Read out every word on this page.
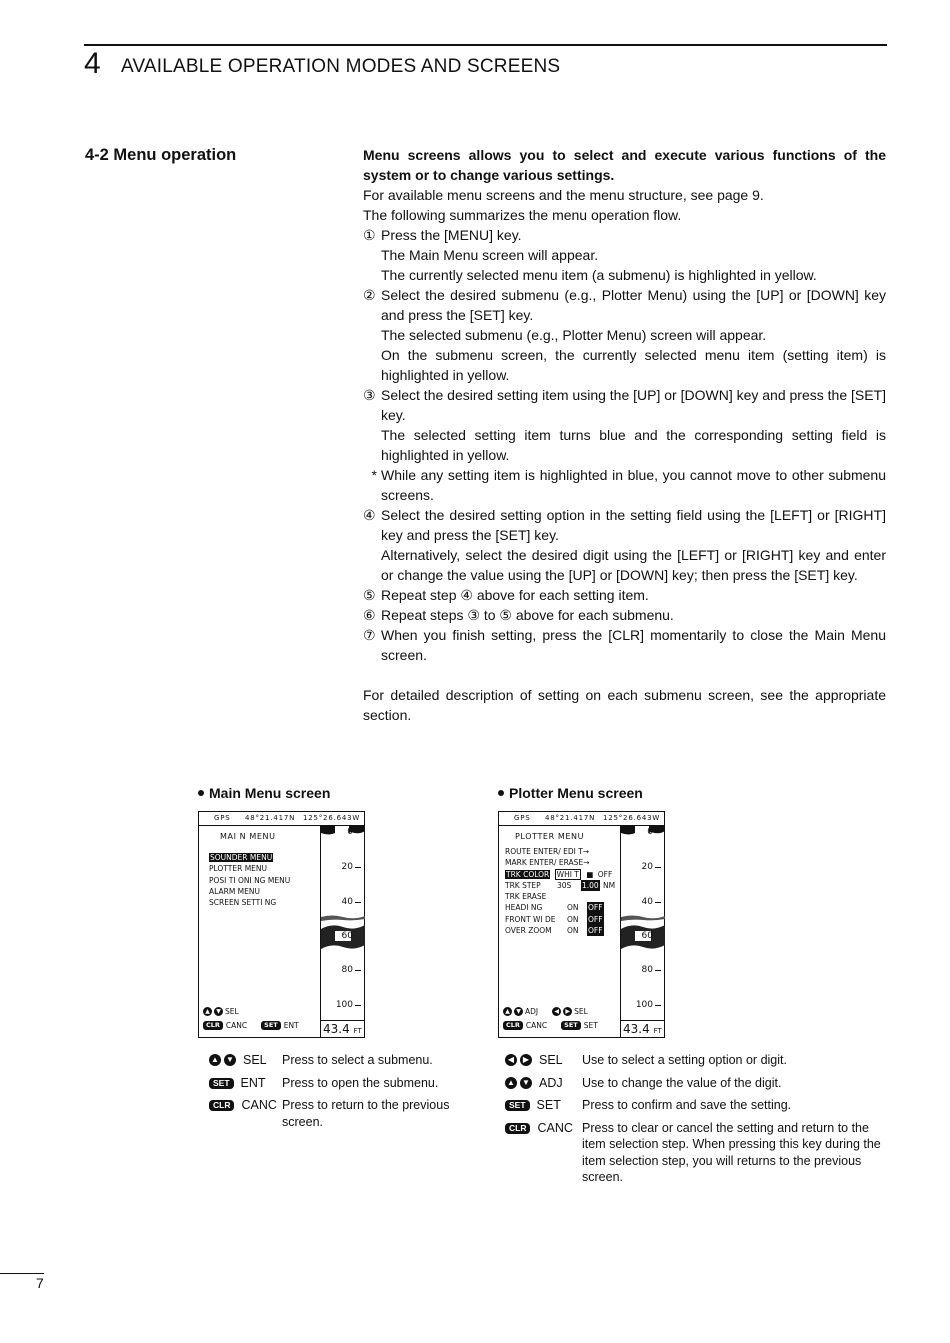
4 AVAILABLE OPERATION MODES AND SCREENS
4-2 Menu operation	Menu screens allows you to select and execute various functions of the system or to change various settings.

For available menu screens and the menu structure, see page 9.

The following summarizes the menu operation flow.

① Press the [MENU] key.
The Main Menu screen will appear.
The currently selected menu item (a submenu) is highlighted in yellow.
② Select the desired submenu (e.g., Plotter Menu) using the [UP] or [DOWN] key and press the [SET] key.
The selected submenu (e.g., Plotter Menu) screen will appear.
On the submenu screen, the currently selected menu item (setting item) is highlighted in yellow.
③ Select the desired setting item using the [UP] or [DOWN] key and press the [SET] key.
The selected setting item turns blue and the corresponding setting field is highlighted in yellow.
* While any setting item is highlighted in blue, you cannot move to other submenu screens.
④ Select the desired setting option in the setting field using the [LEFT] or [RIGHT] key and press the [SET] key.
Alternatively, select the desired digit using the [LEFT] or [RIGHT] key and enter or change the value using the [UP] or [DOWN] key; then press the [SET] key.
⑤ Repeat step ④ above for each setting item.
⑥ Repeat steps ③ to ⑤ above for each submenu.
⑦ When you finish setting, press the [CLR] momentarily to close the Main Menu screen.

For detailed description of setting on each submenu screen, see the appropriate section.

Main Menu screen
GPS 48°21.417N 125°26.643W
MAI N MENU
SOUNDER MENU
PLOTTER MENU
POSI TI ONI NG MENU
ALARM MENU
SCREEN SETTI NG
0
20
40
60
80
100
43.4 FT
▲	▼ SEL
CLR CANC	SET ENT
▲ ▼ SEL Press to select a submenu.
SET ENT Press to open the submenu.
CLR CANC Press to return to the previous screen.
Plotter Menu screen
GPS 48°21.417N 125°26.643W
PLOTTER MENU
ROUTE ENTER/ EDI T→
MARK ENTER/ ERASE→
TRK COLOR WHI T ■ OFF
TRK STEP 30S 1.00 NM
TRK ERASE
HEADI NG	ON OFF
FRONT WI DE ON OFF
OVER ZOOM ON OFF
0
20
40
60
80
100
43.4 FT
▲	▼ ADJ	◀	▶ SEL
CLR CANC	SET SET
◀	▶ SEL Use to select a setting option or digit.
▲ ▼ ADJ Use to change the value of the digit.
SET SET Press to confirm and save the setting.
CLR CANC Press to clear or cancel the setting and return to the item selection step. When pressing this key during the item selection step, you will returns to the previous screen.
7
